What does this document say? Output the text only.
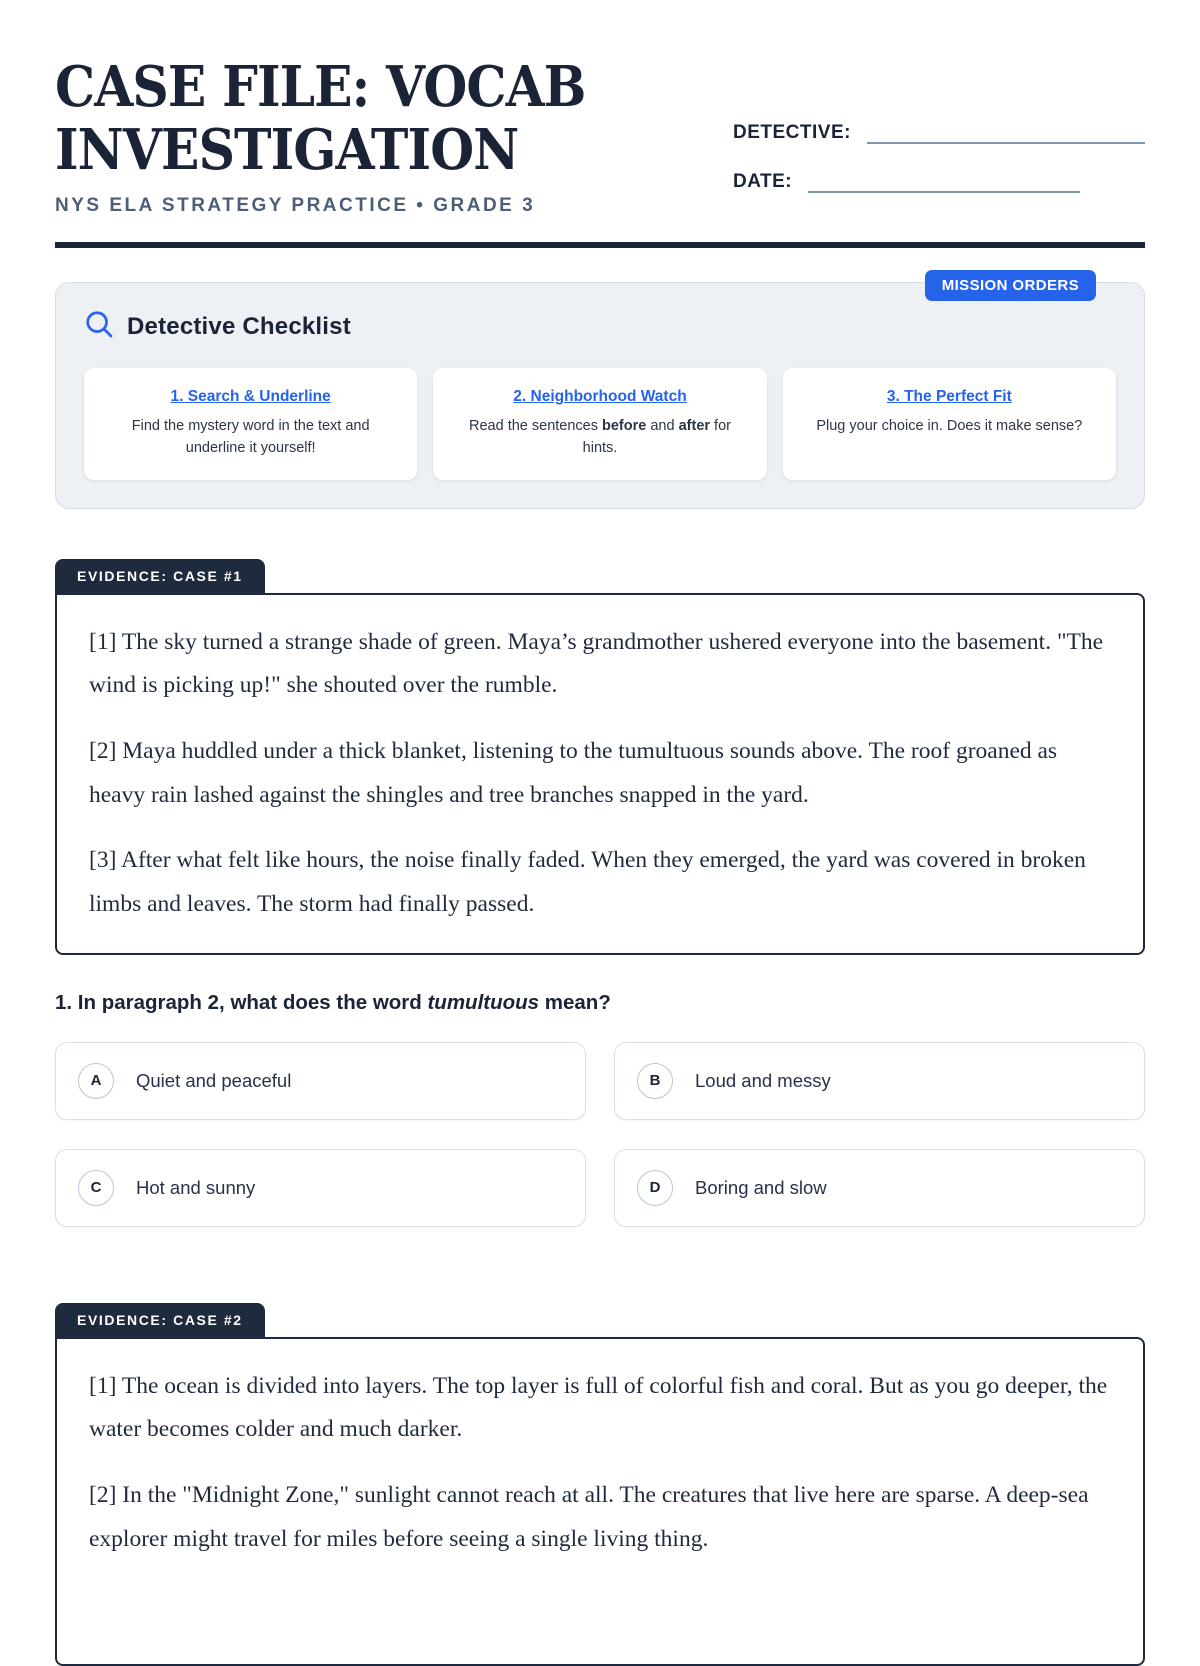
CASE FILE: VOCAB
INVESTIGATION
NYS ELA STRATEGY PRACTICE • GRADE 3
DETECTIVE:
DATE:
MISSION ORDERS
Detective Checklist
1. Search & Underline
Find the mystery word in the text and underline it yourself!
2. Neighborhood Watch
Read the sentences before and after for hints.
3. The Perfect Fit
Plug your choice in. Does it make sense?
EVIDENCE: CASE #1

[1] The sky turned a strange shade of green. Maya’s grandmother ushered everyone into the basement. "The wind is picking up!" she shouted over the rumble.

[2] Maya huddled under a thick blanket, listening to the tumultuous sounds above. The roof groaned as heavy rain lashed against the shingles and tree branches snapped in the yard.

[3] After what felt like hours, the noise finally faded. When they emerged, the yard was covered in broken limbs and leaves. The storm had finally passed.

1. In paragraph 2, what does the word tumultuous mean?
A	Quiet and peaceful	B	Loud and messy
C	Hot and sunny	D	Boring and slow
EVIDENCE: CASE #2

[1] The ocean is divided into layers. The top layer is full of colorful fish and coral. But as you go deeper, the water becomes colder and much darker.

[2] In the "Midnight Zone," sunlight cannot reach at all. The creatures that live here are sparse. A deep-sea explorer might travel for miles before seeing a single living thing.
